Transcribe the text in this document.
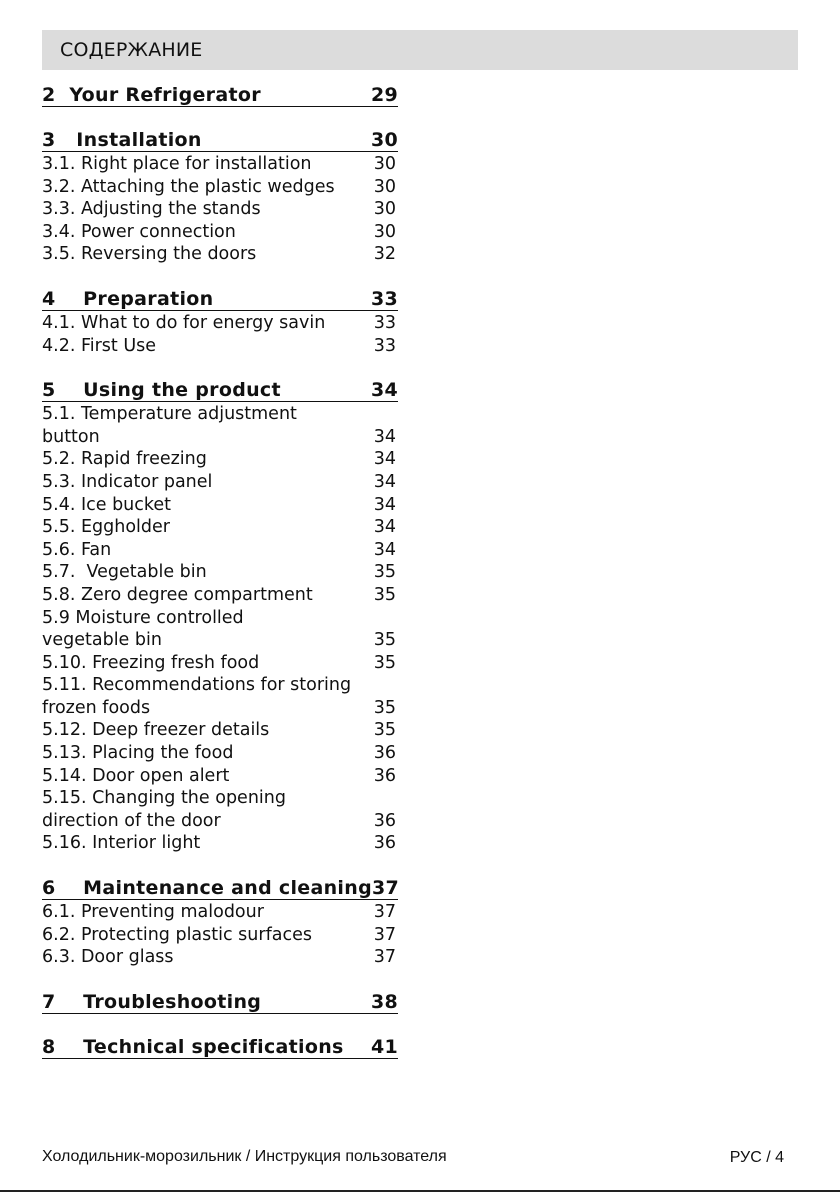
СОДЕРЖАНИЕ
2  Your Refrigerator	29
3   Installation	30
3.1. Right place for installation	30
3.2. Attaching the plastic wedges 30
3.3. Adjusting the stands	30
3.4. Power connection	30
3.5. Reversing the doors	32
4    Preparation	33
4.1. What to do for energy savin	33
4.2. First Use	33
5    Using the product	34
5.1. Temperature adjustment
button	34
5.2. Rapid freezing	34
5.3. Indicator panel	34
5.4. Ice bucket	34
5.5. Eggholder	34
5.6. Fan	34
5.7.  Vegetable bin	35
5.8. Zero degree compartment	35
5.9 Moisture controlled
vegetable bin	35
5.10. Freezing fresh food	35
5.11. Recommendations for storing
frozen foods	35
5.12. Deep freezer details	35
5.13. Placing the food	36
5.14. Door open alert	36
5.15. Changing the opening
direction of the door	36
5.16. Interior light	36
6    Maintenance and cleaning 37
6.1. Preventing malodour	37
6.2. Protecting plastic surfaces	37
6.3. Door glass	37
7    Troubleshooting	38
8    Technical specifications 41
Холодильник-морозильник / Инструкция пользователя	РУС / 4
